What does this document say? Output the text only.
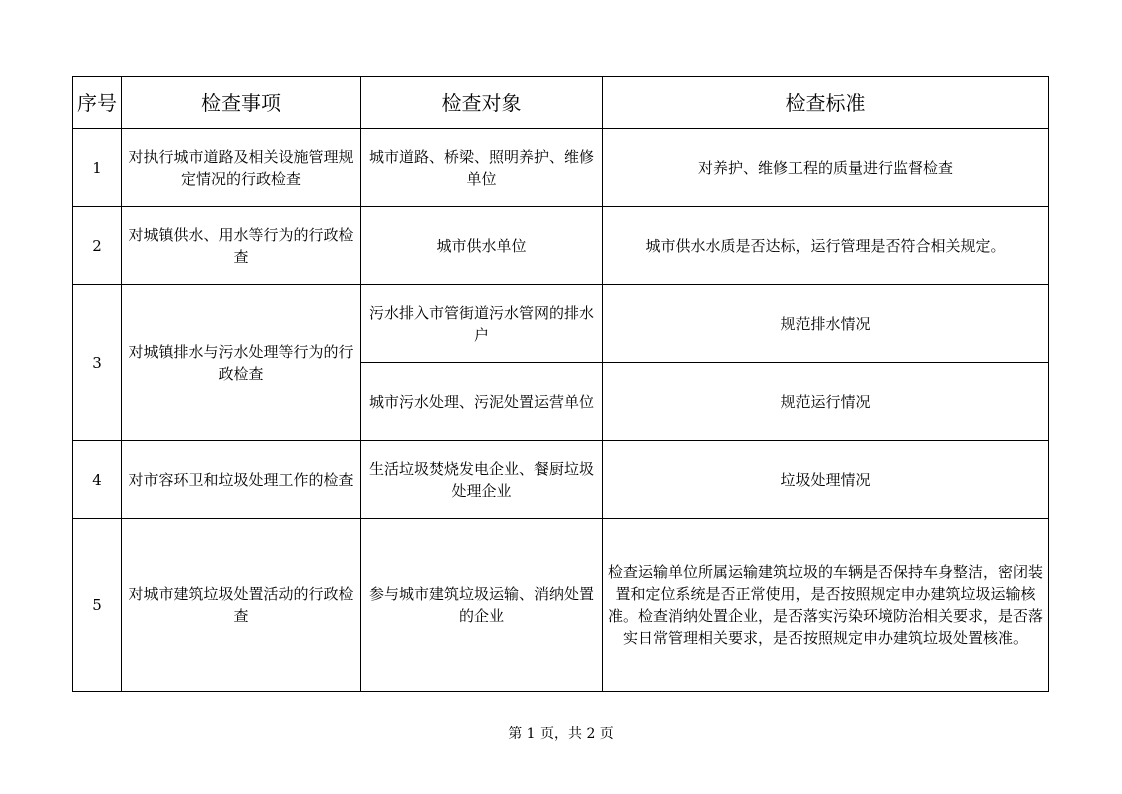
序号	检查事项	检查对象	检查标准
1	对执行城市道路及相关设施管理规定情况的行政检查	城市道路、桥梁、照明养护、维修单位	对养护、维修工程的质量进行监督检查
2	对城镇供水、用水等行为的行政检查	城市供水单位	城市供水水质是否达标，运行管理是否符合相关规定。
3	对城镇排水与污水处理等行为的行政检查	污水排入市管街道污水管网的排水户	规范排水情况
		城市污水处理、污泥处置运营单位	规范运行情况
4	对市容环卫和垃圾处理工作的检查	生活垃圾焚烧发电企业、餐厨垃圾处理企业	垃圾处理情况
5	对城市建筑垃圾处置活动的行政检查	参与城市建筑垃圾运输、消纳处置的企业	检查运输单位所属运输建筑垃圾的车辆是否保持车身整洁，密闭装置和定位系统是否正常使用，是否按照规定申办建筑垃圾运输核准。检查消纳处置企业，是否落实污染环境防治相关要求，是否落实日常管理相关要求，是否按照规定申办建筑垃圾处置核准。
第 1 页，共 2 页
